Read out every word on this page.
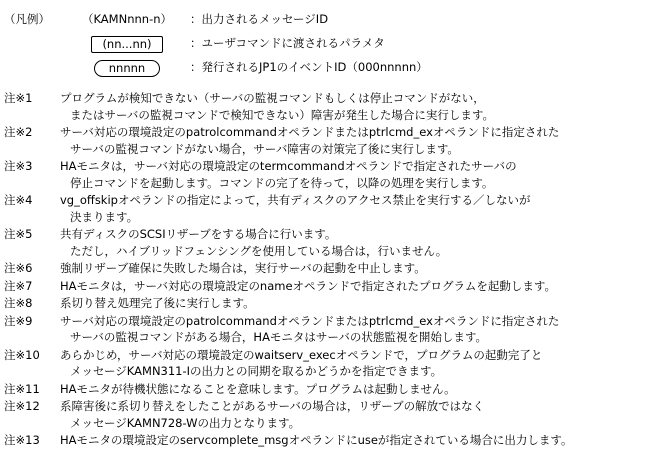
（凡例）	（KAMNnnn-n） ：出力されるメッセージID
(nn...nn)	：ユーザコマンドに渡されるパラメタ
nnnnn	：発行されるJP1のイベントID（000nnnnn）
注※1	プログラムが検知できない（サーバの監視コマンドもしくは停止コマンドがない，
またはサーバの監視コマンドで検知できない）障害が発生した場合に実行します。
注※2	サーバ対応の環境設定のpatrolcommandオペランドまたはptrlcmd_exオペランドに指定された
サーバの監視コマンドがない場合，サーバ障害の対策完了後に実行します。
注※3	HAモニタは，サーバ対応の環境設定のtermcommandオペランドで指定されたサーバの
停止コマンドを起動します。コマンドの完了を待って，以降の処理を実行します。
注※4	vg_offskipオペランドの指定によって，共有ディスクのアクセス禁止を実行する／しないが
決まります。
注※5	共有ディスクのSCSIリザーブをする場合に行います。
ただし，ハイブリッドフェンシングを使用している場合は，行いません。
注※6	強制リザーブ確保に失敗した場合は，実行サーバの起動を中止します。
注※7	HAモニタは，サーバ対応の環境設定のnameオペランドで指定されたプログラムを起動します。
注※8	系切り替え処理完了後に実行します。
注※9	サーバ対応の環境設定のpatrolcommandオペランドまたはptrlcmd_exオペランドに指定された
サーバの監視コマンドがある場合，HAモニタはサーバの状態監視を開始します。
注※10	あらかじめ，サーバ対応の環境設定のwaitserv_execオペランドで，プログラムの起動完了と
メッセージKAMN311-Iの出力との同期を取るかどうかを指定できます。
注※11	HAモニタが待機状態になることを意味します。プログラムは起動しません。
注※12	系障害後に系切り替えをしたことがあるサーバの場合は，リザーブの解放ではなく
メッセージKAMN728-Wの出力となります。
注※13	HAモニタの環境設定のservcomplete_msgオペランドにuseが指定されている場合に出力します。
